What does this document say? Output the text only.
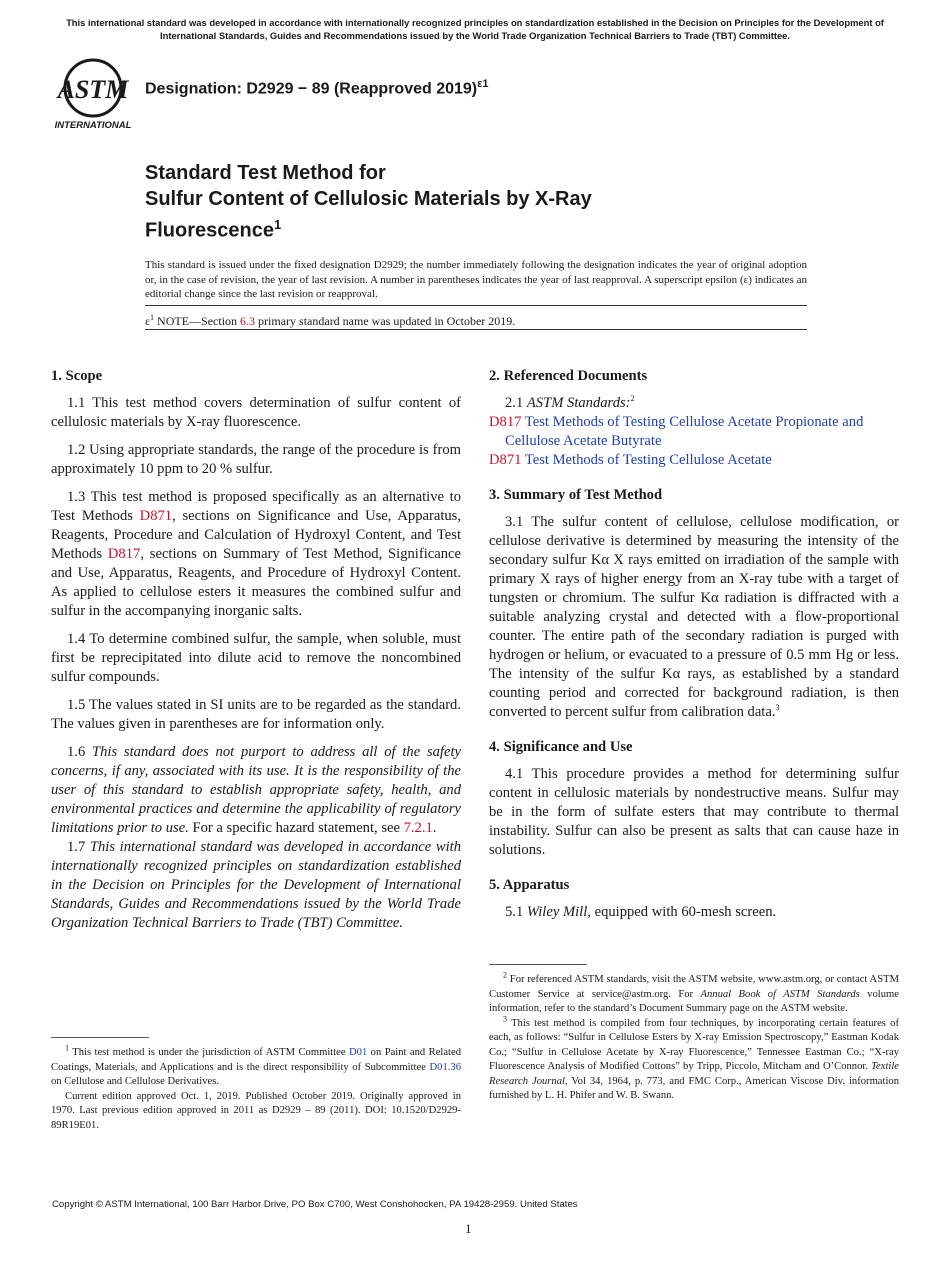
This international standard was developed in accordance with internationally recognized principles on standardization established in the Decision on Principles for the Development of International Standards, Guides and Recommendations issued by the World Trade Organization Technical Barriers to Trade (TBT) Committee.
ASTM
INTERNATIONAL
Designation: D2929 − 89 (Reapproved 2019)$^{\varepsilon 1}$
Standard Test Method for
Sulfur Content of Cellulosic Materials by X-Ray
Fluorescence$^1$
This standard is issued under the fixed designation D2929; the number immediately following the designation indicates the year of original adoption or, in the case of revision, the year of last revision. A number in parentheses indicates the year of last reapproval. A superscript epsilon (ε) indicates an editorial change since the last revision or reapproval.
$\varepsilon^1$ NOTE—Section 6.3 primary standard name was updated in October 2019.
1. Scope

1.1 This test method covers determination of sulfur content of cellulosic materials by X-ray fluorescence.

1.2 Using appropriate standards, the range of the procedure is from approximately 10 ppm to 20 % sulfur.

1.3 This test method is proposed specifically as an alternative to Test Methods D871, sections on Significance and Use, Apparatus, Reagents, Procedure and Calculation of Hydroxyl Content, and Test Methods D817, sections on Summary of Test Method, Significance and Use, Apparatus, Reagents, and Procedure of Hydroxyl Content. As applied to cellulose esters it measures the combined sulfur and sulfur in the accompanying inorganic salts.

1.4 To determine combined sulfur, the sample, when soluble, must first be reprecipitated into dilute acid to remove the noncombined sulfur compounds.

1.5 The values stated in SI units are to be regarded as the standard. The values given in parentheses are for information only.

1.6 This standard does not purport to address all of the safety concerns, if any, associated with its use. It is the responsibility of the user of this standard to establish appropriate safety, health, and environmental practices and determine the applicability of regulatory limitations prior to use. For a specific hazard statement, see 7.2.1.

1.7 This international standard was developed in accordance with internationally recognized principles on standardization established in the Decision on Principles for the Development of International Standards, Guides and Recommendations issued by the World Trade Organization Technical Barriers to Trade (TBT) Committee.

$^1$ This test method is under the jurisdiction of ASTM Committee D01 on Paint and Related Coatings, Materials, and Applications and is the direct responsibility of Subcommittee D01.36 on Cellulose and Cellulose Derivatives.

Current edition approved Oct. 1, 2019. Published October 2019. Originally approved in 1970. Last previous edition approved in 2011 as D2929 – 89 (2011). DOI: 10.1520/D2929-89R19E01.

2. Referenced Documents

2.1 ASTM Standards:$^2$

D817 Test Methods of Testing Cellulose Acetate Propionate and Cellulose Acetate Butyrate
D871 Test Methods of Testing Cellulose Acetate
3. Summary of Test Method

3.1 The sulfur content of cellulose, cellulose modification, or cellulose derivative is determined by measuring the intensity of the secondary sulfur Kα X rays emitted on irradiation of the sample with primary X rays of higher energy from an X-ray tube with a target of tungsten or chromium. The sulfur Kα radiation is diffracted with a suitable analyzing crystal and detected with a flow-proportional counter. The entire path of the secondary radiation is purged with hydrogen or helium, or evacuated to a pressure of 0.5 mm Hg or less. The intensity of the sulfur Kα rays, as established by a standard counting period and corrected for background radiation, is then converted to percent sulfur from calibration data.$^3$

4. Significance and Use

4.1 This procedure provides a method for determining sulfur content in cellulosic materials by nondestructive means. Sulfur may be in the form of sulfate esters that may contribute to thermal instability. Sulfur can also be present as salts that can cause haze in solutions.

5. Apparatus

5.1 Wiley Mill, equipped with 60-mesh screen.

$^2$ For referenced ASTM standards, visit the ASTM website, www.astm.org, or contact ASTM Customer Service at service@astm.org. For Annual Book of ASTM Standards volume information, refer to the standard’s Document Summary page on the ASTM website.

$^3$ This test method is compiled from four techniques, by incorporating certain features of each, as follows: “Sulfur in Cellulose Esters by X-ray Emission Spectroscopy,” Eastman Kodak Co.; “Sulfur in Cellulose Acetate by X-ray Fluorescence,” Tennessee Eastman Co.; “X-ray Fluorescence Analysis of Modified Cottons” by Tripp, Piccolo, Mitcham and O’Connor. Textile Research Journal, Vol 34, 1964, p. 773, and FMC Corp., American Viscose Div. information furnished by L. H. Phifer and W. B. Swann.

Copyright © ASTM International, 100 Barr Harbor Drive, PO Box C700, West Conshohocken, PA 19428-2959. United States
1
